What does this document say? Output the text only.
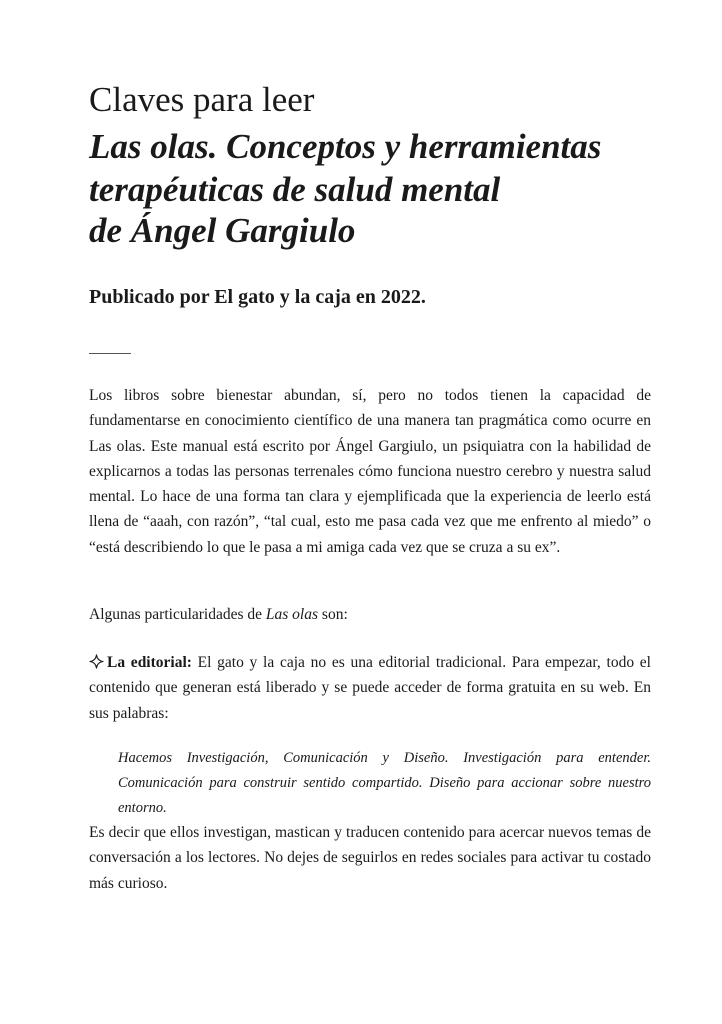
Claves para leer
Las olas. Conceptos y herramientas
terapéuticas de salud mental
de Ángel Gargiulo

Publicado por El gato y la caja en 2022.

Los libros sobre bienestar abundan, sí, pero no todos tienen la capacidad de fundamentarse en conocimiento científico de una manera tan pragmática como ocurre en Las olas. Este manual está escrito por Ángel Gargiulo, un psiquiatra con la habilidad de explicarnos a todas las personas terrenales cómo funciona nuestro cerebro y nuestra salud mental. Lo hace de una forma tan clara y ejemplificada que la experiencia de leerlo está llena de “aaah, con razón”, “tal cual, esto me pasa cada vez que me enfrento al miedo” o “está describiendo lo que le pasa a mi amiga cada vez que se cruza a su ex”.

Algunas particularidades de Las olas son:

La editorial: El gato y la caja no es una editorial tradicional. Para empezar, todo el contenido que generan está liberado y se puede acceder de forma gratuita en su web. En sus palabras:

Hacemos Investigación, Comunicación y Diseño. Investigación para entender. Comunicación para construir sentido compartido. Diseño para accionar sobre nuestro entorno.

Es decir que ellos investigan, mastican y traducen contenido para acercar nuevos temas de conversación a los lectores. No dejes de seguirlos en redes sociales para activar tu costado más curioso.
